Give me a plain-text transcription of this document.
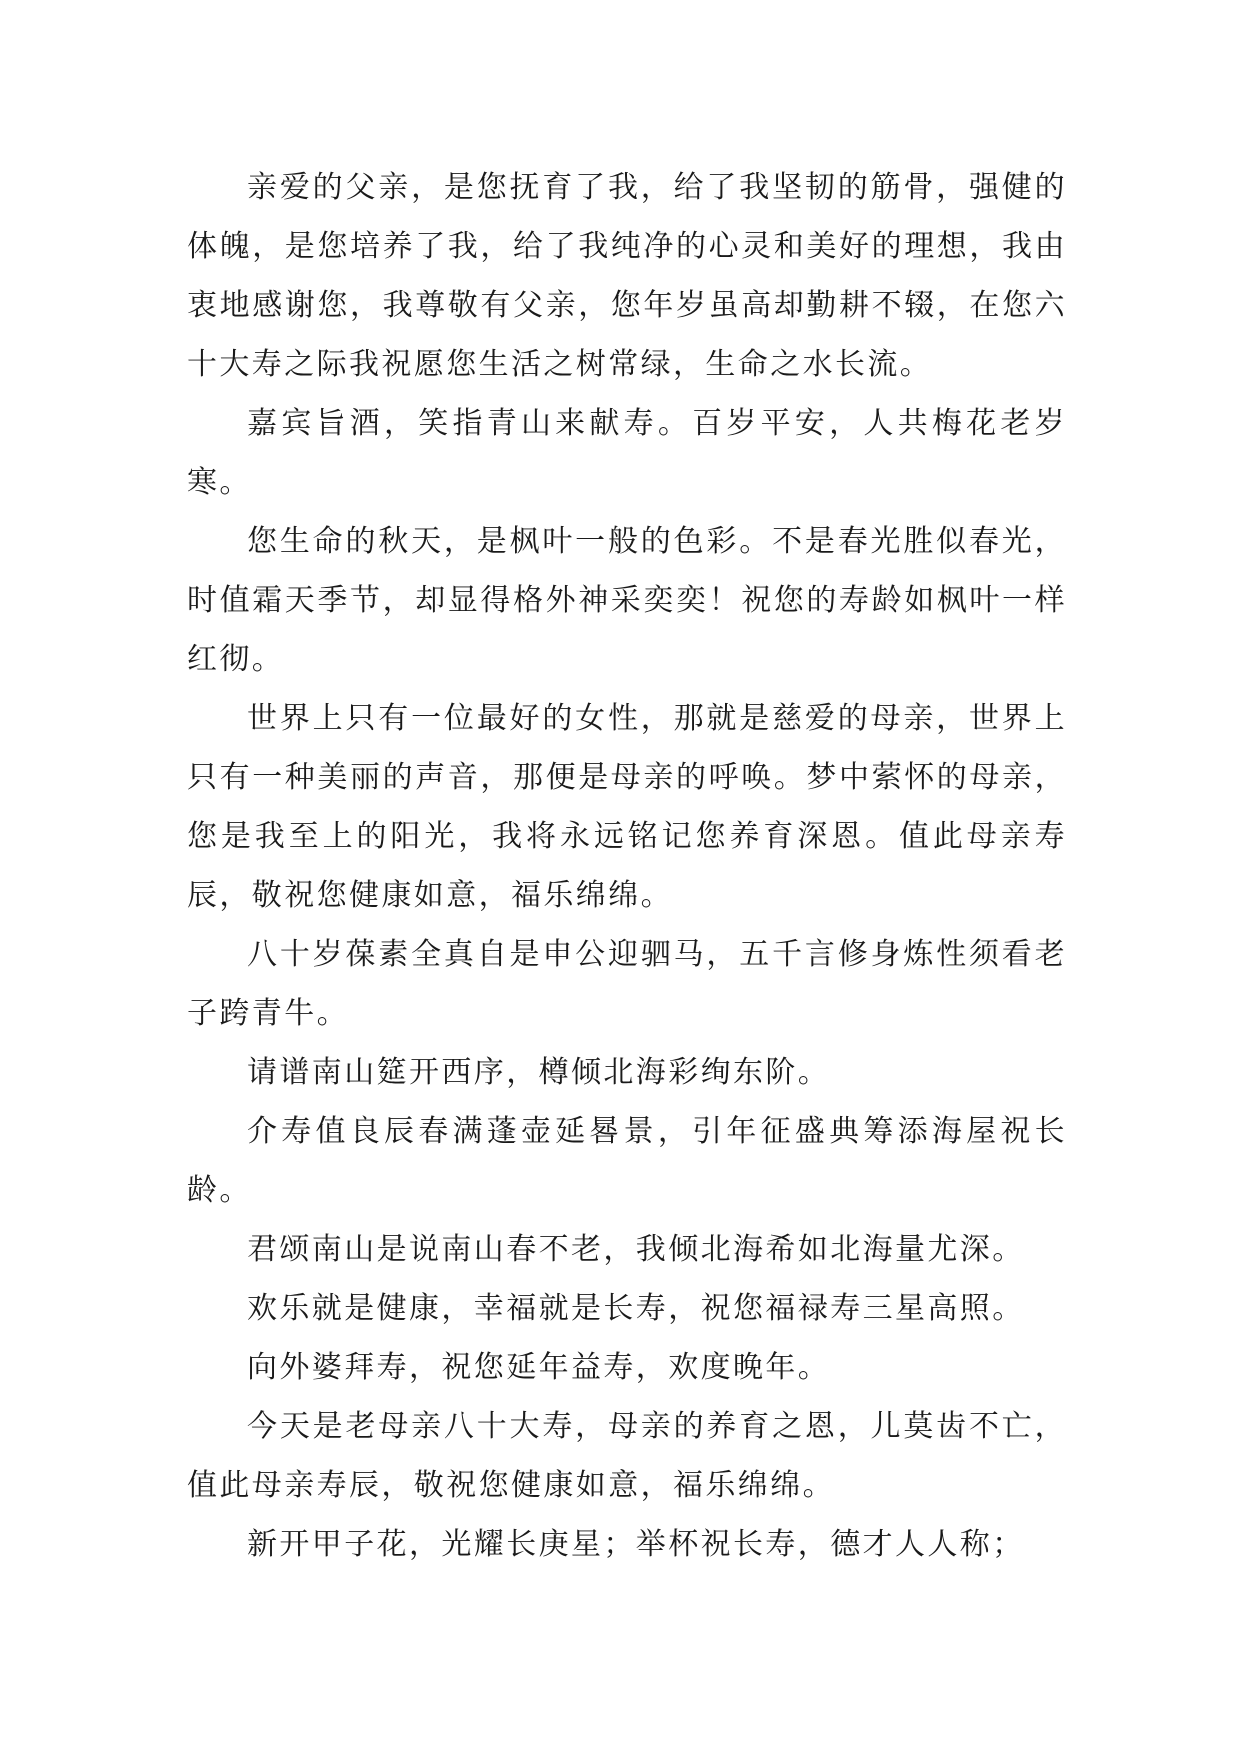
亲爱的父亲，是您抚育了我，给了我坚韧的筋骨，强健的体魄，是您培养了我，给了我纯净的心灵和美好的理想，我由衷地感谢您，我尊敬有父亲，您年岁虽高却勤耕不辍，在您六十大寿之际我祝愿您生活之树常绿，生命之水长流。

嘉宾旨酒，笑指青山来献寿。百岁平安，人共梅花老岁寒。

您生命的秋天，是枫叶一般的色彩。不是春光胜似春光，时值霜天季节，却显得格外神采奕奕！祝您的寿龄如枫叶一样红彻。

世界上只有一位最好的女性，那就是慈爱的母亲，世界上只有一种美丽的声音，那便是母亲的呼唤。梦中萦怀的母亲，您是我至上的阳光，我将永远铭记您养育深恩。值此母亲寿辰，敬祝您健康如意，福乐绵绵。

八十岁葆素全真自是申公迎驷马，五千言修身炼性须看老子跨青牛。

请谱南山筵开西序，樽倾北海彩绚东阶。

介寿值良辰春满蓬壶延晷景，引年征盛典筹添海屋祝长龄。

君颂南山是说南山春不老，我倾北海希如北海量尤深。

欢乐就是健康，幸福就是长寿，祝您福禄寿三星高照。

向外婆拜寿，祝您延年益寿，欢度晚年。

今天是老母亲八十大寿，母亲的养育之恩，儿莫齿不亡，值此母亲寿辰，敬祝您健康如意，福乐绵绵。

新开甲子花，光耀长庚星；举杯祝长寿，德才人人称；
